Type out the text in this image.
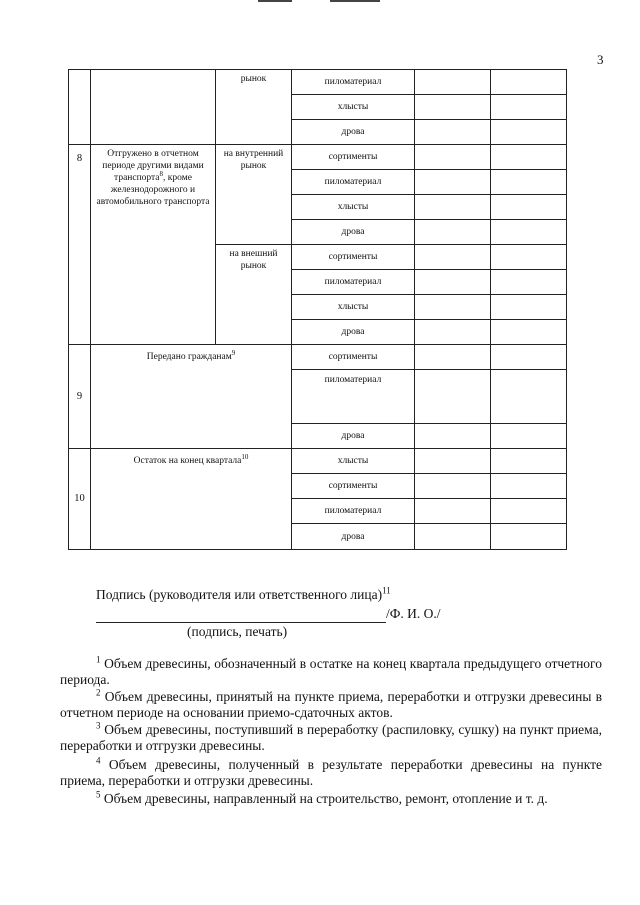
3
		рынок	пиломатериал		
			хлысты		
			дрова		
8	Отгружено в отчетном периоде другими видами транспорта$^8$, кроме железнодорожного и автомобильного транспорта	на внутренний рынок	сортименты		
			пиломатериал		
			хлысты		
			дрова		
		на внешний рынок	сортименты		
			пиломатериал		
			хлысты		
			дрова		
9	Передано гражданам$^9$		сортименты		
			пиломатериал		
			дрова		
10	Остаток на конец квартала$^{10}$		хлысты		
			сортименты		
			пиломатериал		
			дрова		
Подпись (руководителя или ответственного лица)$^{11}$
/Ф. И. О./
(подпись, печать)
$^1$ Объем древесины, обозначенный в остатке на конец квартала предыдущего отчетного периода.
$^2$ Объем древесины, принятый на пункте приема, переработки и отгрузки древесины в отчетном периоде на основании приемо-сдаточных актов.
$^3$ Объем древесины, поступивший в переработку (распиловку, сушку) на пункт приема, переработки и отгрузки древесины.
$^4$ Объем древесины, полученный в результате переработки древесины на пункте приема, переработки и отгрузки древесины.
$^5$ Объем древесины, направленный на строительство, ремонт, отопление и т. д.
